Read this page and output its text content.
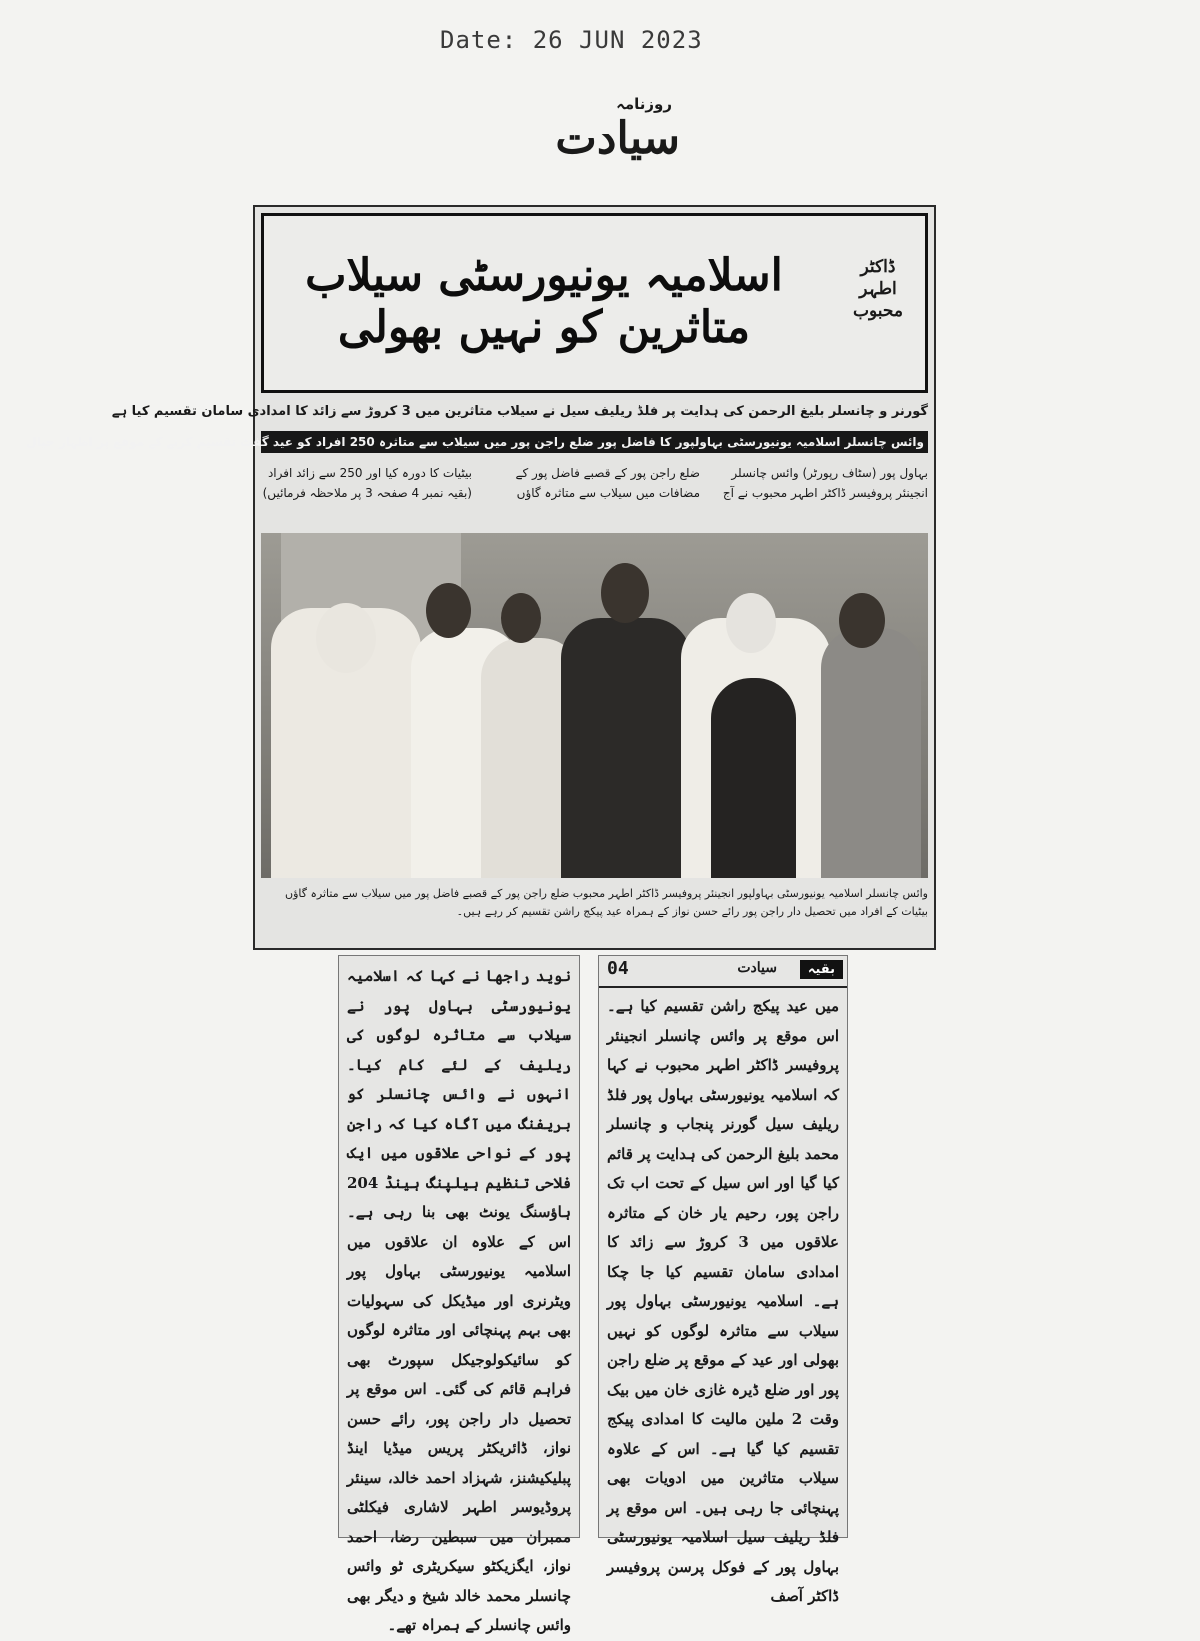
Date: 26 JUN 2023
روزنامہ
سیادت
اسلامیہ یونیورسٹی سیلاب متاثرین کو نہیں بھولی
ڈاکٹر اطہر محبوب
گورنر و چانسلر بلیغ الرحمن کی ہدایت پر فلڈ ریلیف سیل نے سیلاب متاثرین میں 3 کروڑ سے زائد کا امدادی سامان تقسیم کیا ہے
وائس چانسلر اسلامیہ یونیورسٹی بہاولپور کا فاضل پور ضلع راجن پور میں سیلاب سے متاثرہ 250 افراد کو عید گفٹ تقسیم کرنے کے موقع پر اظہار خیال
بہاول پور (سٹاف رپورٹر) وائس چانسلر انجینئر پروفیسر ڈاکٹر اطہر محبوب نے آج
ضلع راجن پور کے قصبے فاضل پور کے مضافات میں سیلاب سے متاثرہ گاؤں
بیٹیات کا دورہ کیا اور 250 سے زائد افراد (بقیہ نمبر 4 صفحہ 3 پر ملاحظہ فرمائیں)
وائس چانسلر اسلامیہ یونیورسٹی بہاولپور انجینئر پروفیسر ڈاکٹر اطہر محبوب ضلع راجن پور کے قصبے فاضل پور میں سیلاب سے متاثرہ گاؤں بیٹیات کے افراد میں تحصیل دار راجن پور رائے حسن نواز کے ہمراہ عید پیکج راشن تقسیم کر رہے ہیں۔
نوید راجھا نے کہا کہ اسلامیہ یونیورسٹی بہاول پور نے سیلاب سے متاثرہ لوگوں کی ریلیف کے لئے کام کیا۔ انہوں نے وائس چانسلر کو بریفنگ میں آگاہ کیا کہ راجن پور کے نواحی علاقوں میں ایک فلاحی تنظیم ہیلپنگ ہینڈ 204 ہاؤسنگ یونٹ بھی بنا رہی ہے۔ اس کے علاوہ ان علاقوں میں اسلامیہ یونیورسٹی بہاول پور ویٹرنری اور میڈیکل کی سہولیات بھی بہم پہنچائی اور متاثرہ لوگوں کو سائیکولوجیکل سپورٹ بھی فراہم قائم کی گئی۔ اس موقع پر تحصیل دار راجن پور، رائے حسن نواز، ڈائریکٹر پریس میڈیا اینڈ پبلیکیشنز، شہزاد احمد خالد، سینئر پروڈیوسر اطہر لاشاری فیکلٹی ممبران میں سبطین رضا، احمد نواز، ایگزیکٹو سیکریٹری ٹو وائس چانسلر محمد خالد شیخ و دیگر بھی وائس چانسلر کے ہمراہ تھے۔
بقیہ
سیادت
04
میں عید پیکج راشن تقسیم کیا ہے۔ اس موقع پر وائس چانسلر انجینئر پروفیسر ڈاکٹر اطہر محبوب نے کہا کہ اسلامیہ یونیورسٹی بہاول پور فلڈ ریلیف سیل گورنر پنجاب و چانسلر محمد بلیغ الرحمن کی ہدایت پر قائم کیا گیا اور اس سیل کے تحت اب تک راجن پور، رحیم یار خان کے متاثرہ علاقوں میں 3 کروڑ سے زائد کا امدادی سامان تقسیم کیا جا چکا ہے۔ اسلامیہ یونیورسٹی بہاول پور سیلاب سے متاثرہ لوگوں کو نہیں بھولی اور عید کے موقع پر ضلع راجن پور اور ضلع ڈیرہ غازی خان میں بیک وقت 2 ملین مالیت کا امدادی پیکج تقسیم کیا گیا ہے۔ اس کے علاوہ سیلاب متاثرین میں ادویات بھی پہنچائی جا رہی ہیں۔ اس موقع پر فلڈ ریلیف سیل اسلامیہ یونیورسٹی بہاول پور کے فوکل پرسن پروفیسر ڈاکٹر آصف
